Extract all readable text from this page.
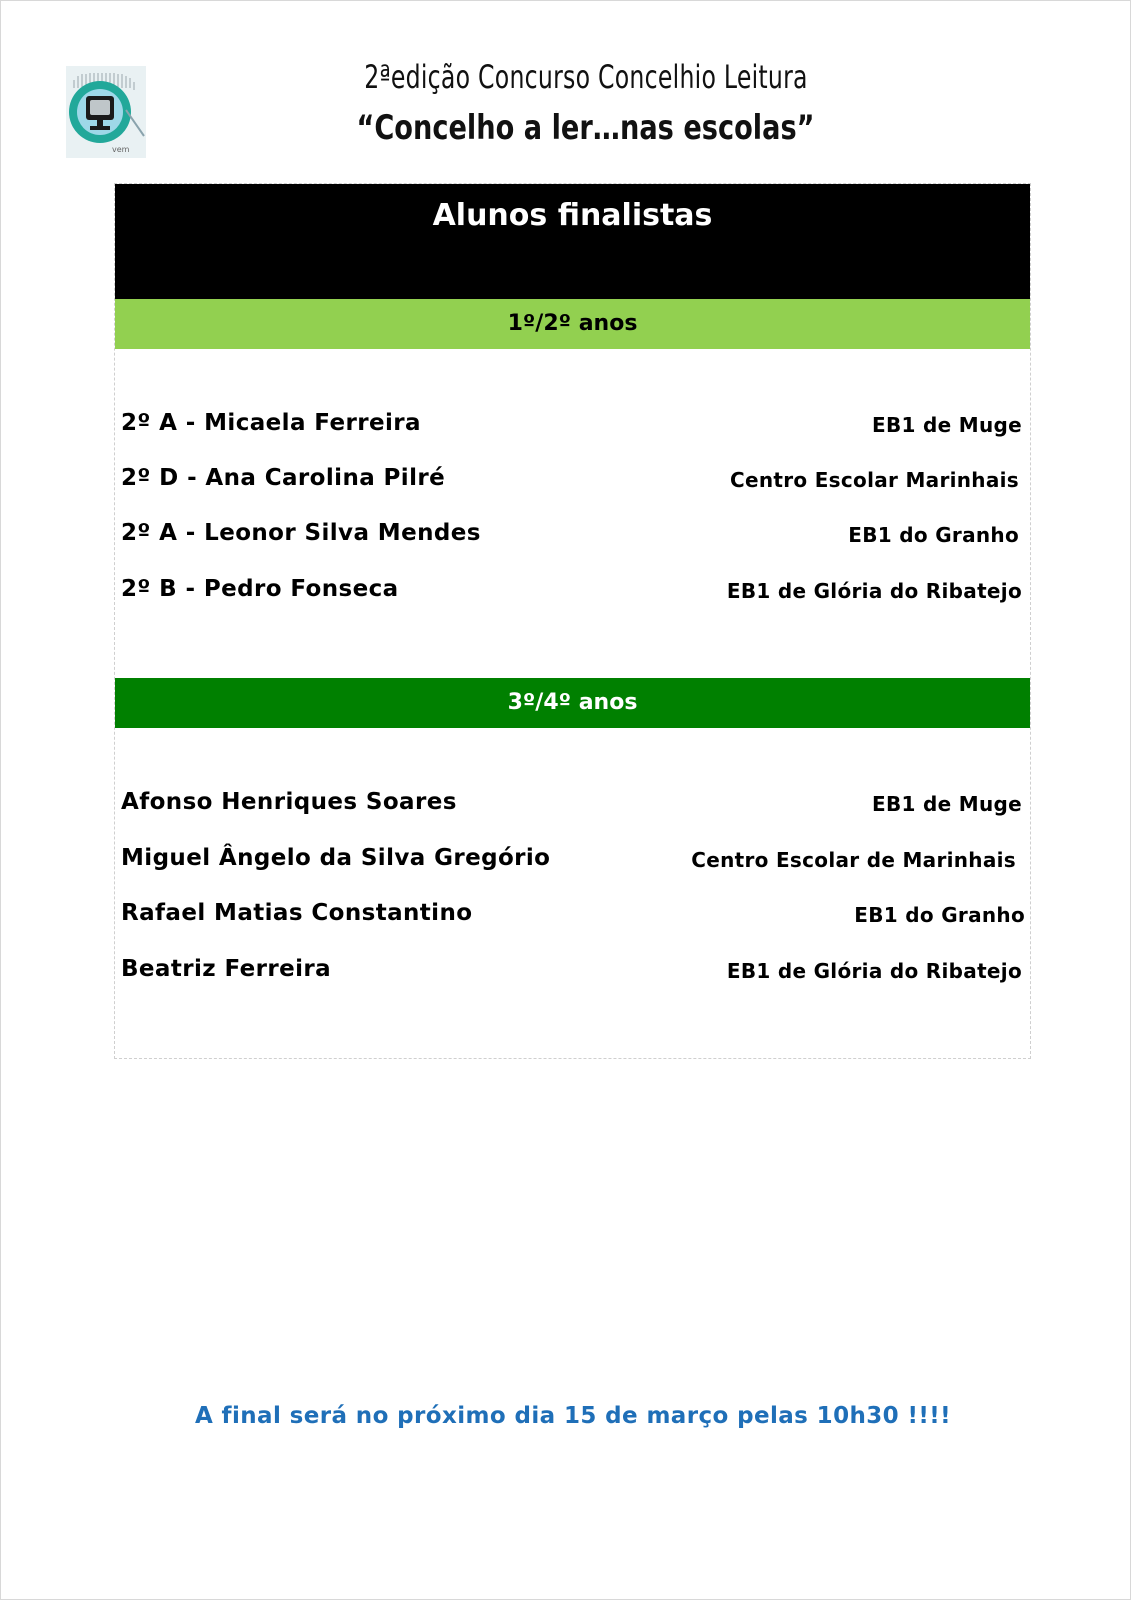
vem
2ªedição Concurso Concelhio Leitura
“Concelho a ler…nas escolas”
Alunos finalistas
1º/2º anos
2º A - Micaela Ferreira	EB1 de Muge
2º D - Ana Carolina Pilré	Centro Escolar Marinhais
2º A - Leonor Silva Mendes	EB1 do Granho
2º B - Pedro Fonseca	EB1 de Glória do Ribatejo
3º/4º anos
Afonso Henriques Soares	EB1 de Muge
Miguel Ângelo da Silva Gregório	Centro Escolar de Marinhais
Rafael Matias Constantino	EB1 do Granho
Beatriz Ferreira	EB1 de Glória do Ribatejo
A final será no próximo dia 15 de março pelas 10h30 !!!!
